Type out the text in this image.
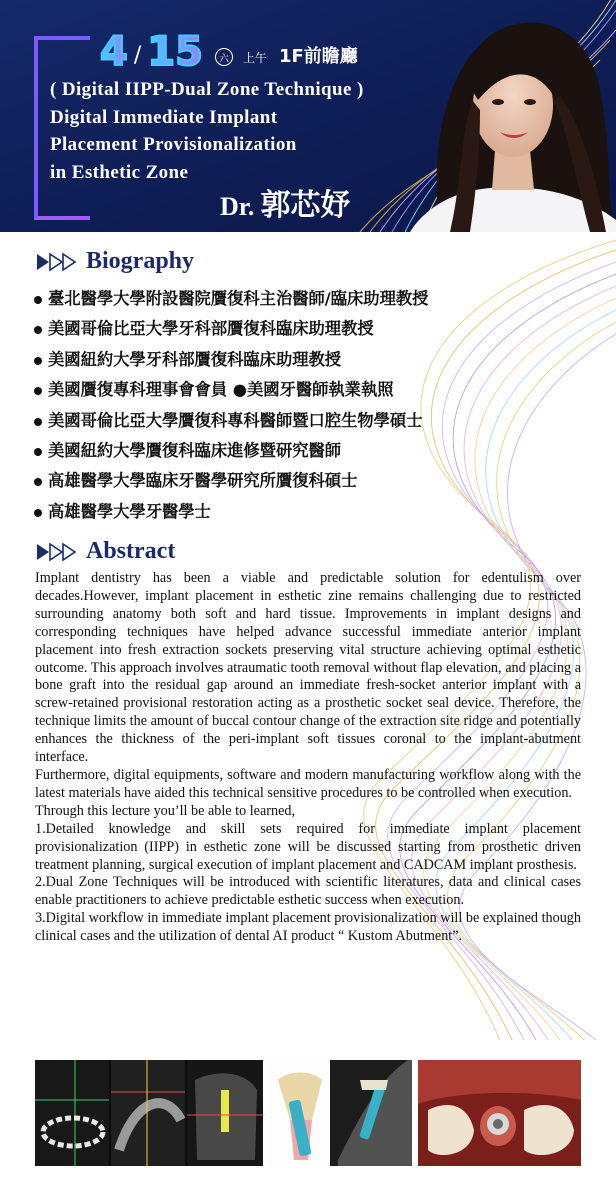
4 / 15	六	上午 1F前瞻廳
( Digital IIPP-Dual Zone Technique )
Digital Immediate Implant
Placement Provisionalization
in Esthetic Zone
Dr. 郭芯妤
Biography
臺北醫學大學附設醫院贋復科主治醫師/臨床助理教授
美國哥倫比亞大學牙科部贋復科臨床助理教授
美國紐約大學牙科部贋復科臨床助理教授
美國贋復專科理事會會員 ●美國牙醫師執業執照
美國哥倫比亞大學贋復科專科醫師暨口腔生物學碩士
美國紐約大學贋復科臨床進修暨研究醫師
高雄醫學大學臨床牙醫學研究所贋復科碩士
高雄醫學大學牙醫學士
Abstract

Implant dentistry has been a viable and predictable solution for edentulism over decades.However, implant placement in esthetic zine remains challenging due to restricted surrounding anatomy both soft and hard tissue. Improvements in implant designs and corresponding techniques have helped advance successful immediate anterior implant placement into fresh extraction sockets preserving vital structure achieving optimal esthetic outcome. This approach involves atraumatic tooth removal without flap elevation, and placing a bone graft into the residual gap around an immediate fresh-socket anterior implant with a screw-retained provisional restoration acting as a prosthetic socket seal device. Therefore, the technique limits the amount of buccal contour change of the extraction site ridge and potentially enhances the thickness of the peri-implant soft tissues coronal to the implant-abutment interface.

Furthermore, digital equipments, software and modern manufacturing workflow along with the latest materials have aided this technical sensitive procedures to be controlled when execution.

Through this lecture you’ll be able to learned,

1.Detailed knowledge and skill sets required for immediate implant placement provisionalization (IIPP) in esthetic zone will be discussed starting from prosthetic driven treatment planning, surgical execution of implant placement and CADCAM implant prosthesis.

2.Dual Zone Techniques will be introduced with scientific literatures, data and clinical cases enable practitioners to achieve predictable esthetic success when execution.

3.Digital workflow in immediate implant placement provisionalization will be explained though clinical cases and the utilization of dental AI product “ Kustom Abutment”.
